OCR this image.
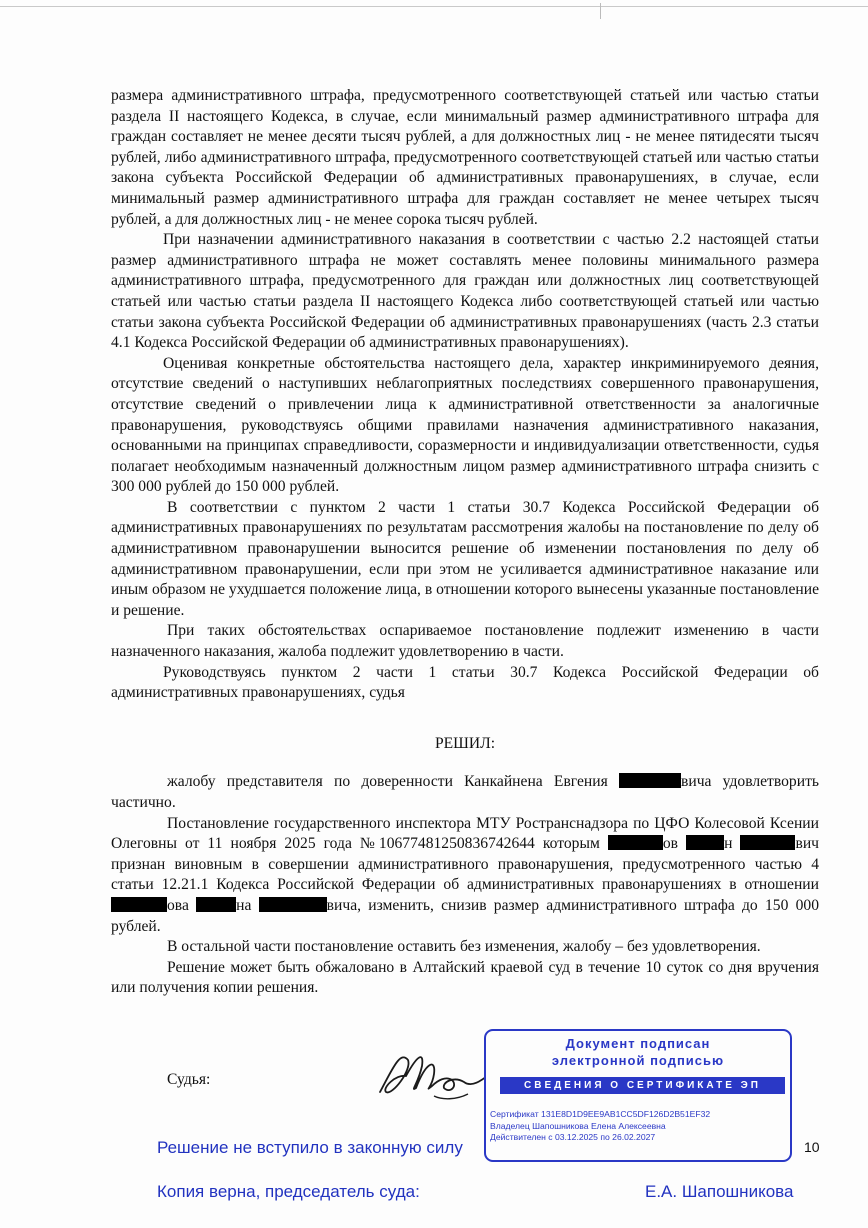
размера административного штрафа, предусмотренного соответствующей статьей или частью статьи раздела II настоящего Кодекса, в случае, если минимальный размер административного штрафа для граждан составляет не менее десяти тысяч рублей, а для должностных лиц - не менее пятидесяти тысяч рублей, либо административного штрафа, предусмотренного соответствующей статьей или частью статьи закона субъекта Российской Федерации об административных правонарушениях, в случае, если минимальный размер административного штрафа для граждан составляет не менее четырех тысяч рублей, а для должностных лиц - не менее сорока тысяч рублей.

При назначении административного наказания в соответствии с частью 2.2 настоящей статьи размер административного штрафа не может составлять менее половины минимального размера административного штрафа, предусмотренного для граждан или должностных лиц соответствующей статьей или частью статьи раздела II настоящего Кодекса либо соответствующей статьей или частью статьи закона субъекта Российской Федерации об административных правонарушениях (часть 2.3 статьи 4.1 Кодекса Российской Федерации об административных правонарушениях).

Оценивая конкретные обстоятельства настоящего дела, характер инкриминируемого деяния, отсутствие сведений о наступивших неблагоприятных последствиях совершенного правонарушения, отсутствие сведений о привлечении лица к административной ответственности за аналогичные правонарушения, руководствуясь общими правилами назначения административного наказания, основанными на принципах справедливости, соразмерности и индивидуализации ответственности, судья полагает необходимым назначенный должностным лицом размер административного штрафа снизить с 300 000 рублей до 150 000 рублей.

В соответствии с пунктом 2 части 1 статьи 30.7 Кодекса Российской Федерации об административных правонарушениях по результатам рассмотрения жалобы на постановление по делу об административном правонарушении выносится решение об изменении постановления по делу об административном правонарушении, если при этом не усиливается административное наказание или иным образом не ухудшается положение лица, в отношении которого вынесены указанные постановление и решение.

При таких обстоятельствах оспариваемое постановление подлежит изменению в части назначенного наказания, жалоба подлежит удовлетворению в части.

Руководствуясь пунктом 2 части 1 статьи 30.7 Кодекса Российской Федерации об административных правонарушениях, судья

РЕШИЛ:

жалобу представителя по доверенности Канкайнена Евгения	вича удовлетворить частично.

Постановление государственного инспектора МТУ Ространснадзора по ЦФО Колесовой Ксении Олеговны от 11 ноября 2025 года №10677481250836742644 которым	ов н	вич признан виновным в совершении административного правонарушения, предусмотренного частью 4 статьи 12.21.1 Кодекса Российской Федерации об административных правонарушениях в отношении ова	на	вича, изменить, снизив размер административного штрафа до 150 000 рублей.

В остальной части постановление оставить без изменения, жалобу – без удовлетворения.

Решение может быть обжаловано в Алтайский краевой суд в течение 10 суток со дня вручения или получения копии решения.

Судья:
Документ подписан
электронной подписью
СВЕДЕНИЯ О СЕРТИФИКАТЕ ЭП
Сертификат 131E8D1D9EE9AB1CC5DF126D2B51EF32
Владелец Шапошникова Елена Алексеевна
Действителен с 03.12.2025 по 26.02.2027
Решение не вступило в законную силу	10
Копия верна, председатель суда:	Е.А. Шапошникова
